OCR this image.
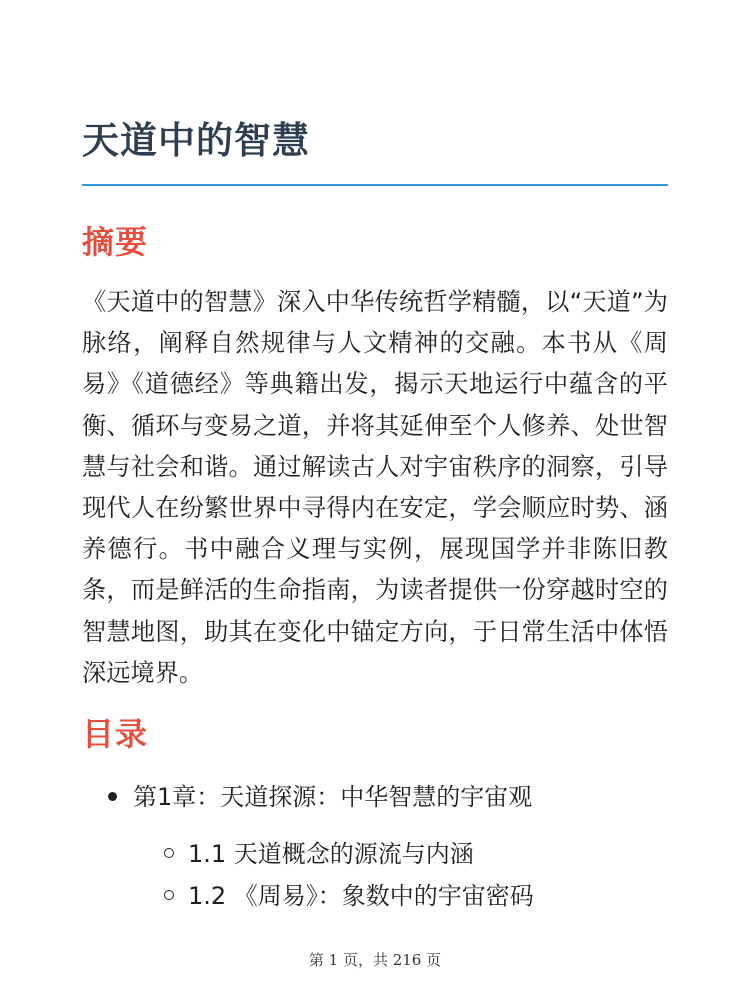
天道中的智慧
摘要

《天道中的智慧》深入中华传统哲学精髓，以“天道”为脉络，阐释自然规律与人文精神的交融。本书从《周易》《道德经》等典籍出发，揭示天地运行中蕴含的平衡、循环与变易之道，并将其延伸至个人修养、处世智慧与社会和谐。通过解读古人对宇宙秩序的洞察，引导现代人在纷繁世界中寻得内在安定，学会顺应时势、涵养德行。书中融合义理与实例，展现国学并非陈旧教条，而是鲜活的生命指南，为读者提供一份穿越时空的智慧地图，助其在变化中锚定方向，于日常生活中体悟深远境界。

目录
第1章：天道探源：中华智慧的宇宙观
1.1 天道概念的源流与内涵
1.2 《周易》：象数中的宇宙密码
第 1 页，共 216 页
